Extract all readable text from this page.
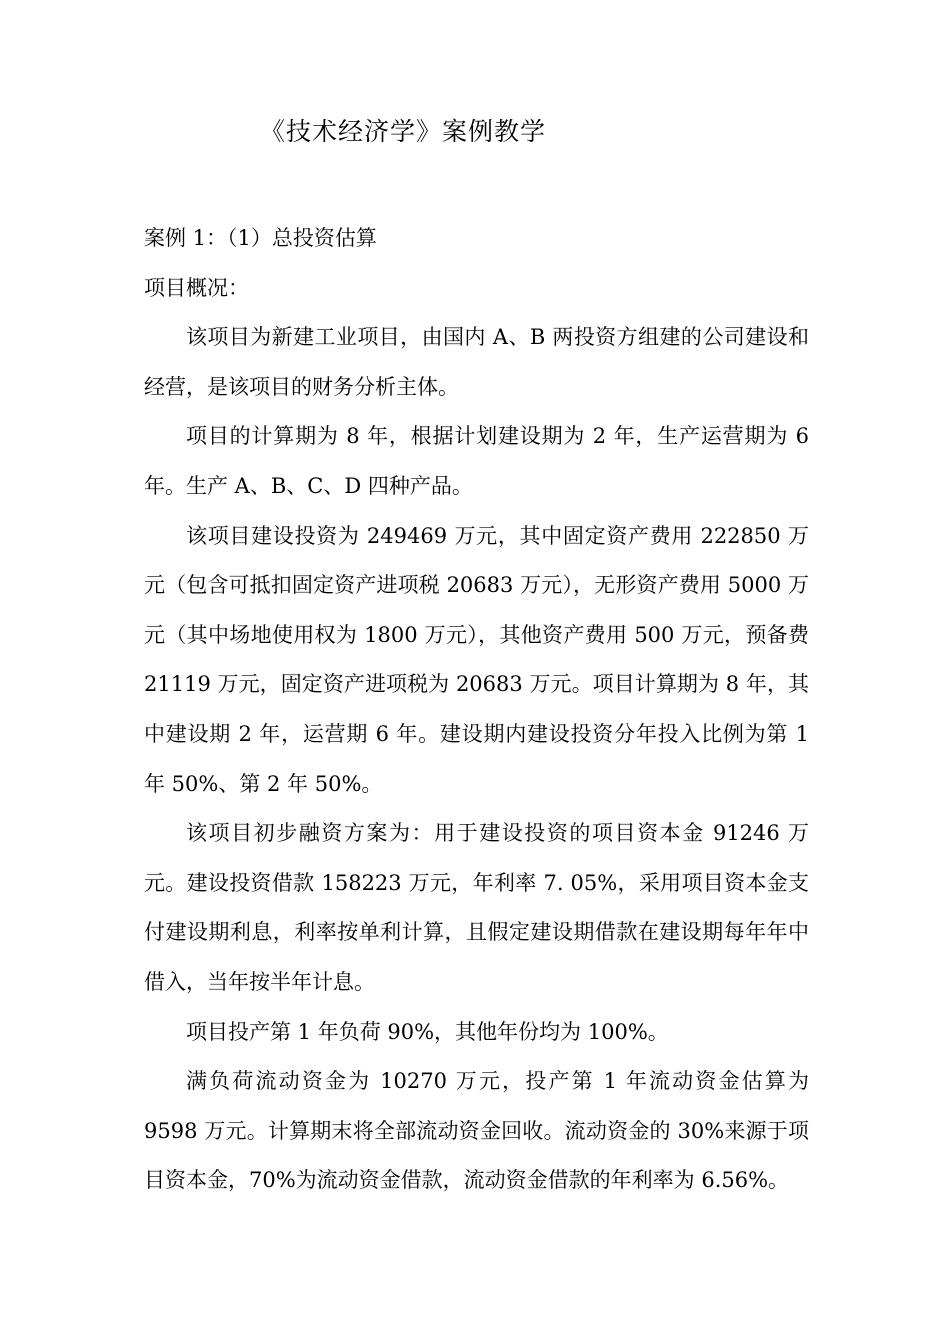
《技术经济学》案例教学

案例 1：（1）总投资估算

项目概况：

该项目为新建工业项目，由国内 A、B 两投资方组建的公司建设和经营，是该项目的财务分析主体。

项目的计算期为 8 年，根据计划建设期为 2 年，生产运营期为 6 年。生产 A、B、C、D 四种产品。

该项目建设投资为 249469 万元，其中固定资产费用 222850 万元（包含可抵扣固定资产进项税 20683 万元），无形资产费用 5000 万元（其中场地使用权为 1800 万元），其他资产费用 500 万元，预备费 21119 万元，固定资产进项税为 20683 万元。项目计算期为 8 年，其中建设期 2 年，运营期 6 年。建设期内建设投资分年投入比例为第 1 年 50%、第 2 年 50%。

该项目初步融资方案为：用于建设投资的项目资本金 91246 万元。建设投资借款 158223 万元，年利率 7. 05%，采用项目资本金支付建设期利息，利率按单利计算，且假定建设期借款在建设期每年年中借入，当年按半年计息。

项目投产第 1 年负荷 90%，其他年份均为 100%。

满负荷流动资金为 10270 万元，投产第 1 年流动资金估算为 9598 万元。计算期末将全部流动资金回收。流动资金的 30%来源于项目资本金，70%为流动资金借款，流动资金借款的年利率为 6.56%。
